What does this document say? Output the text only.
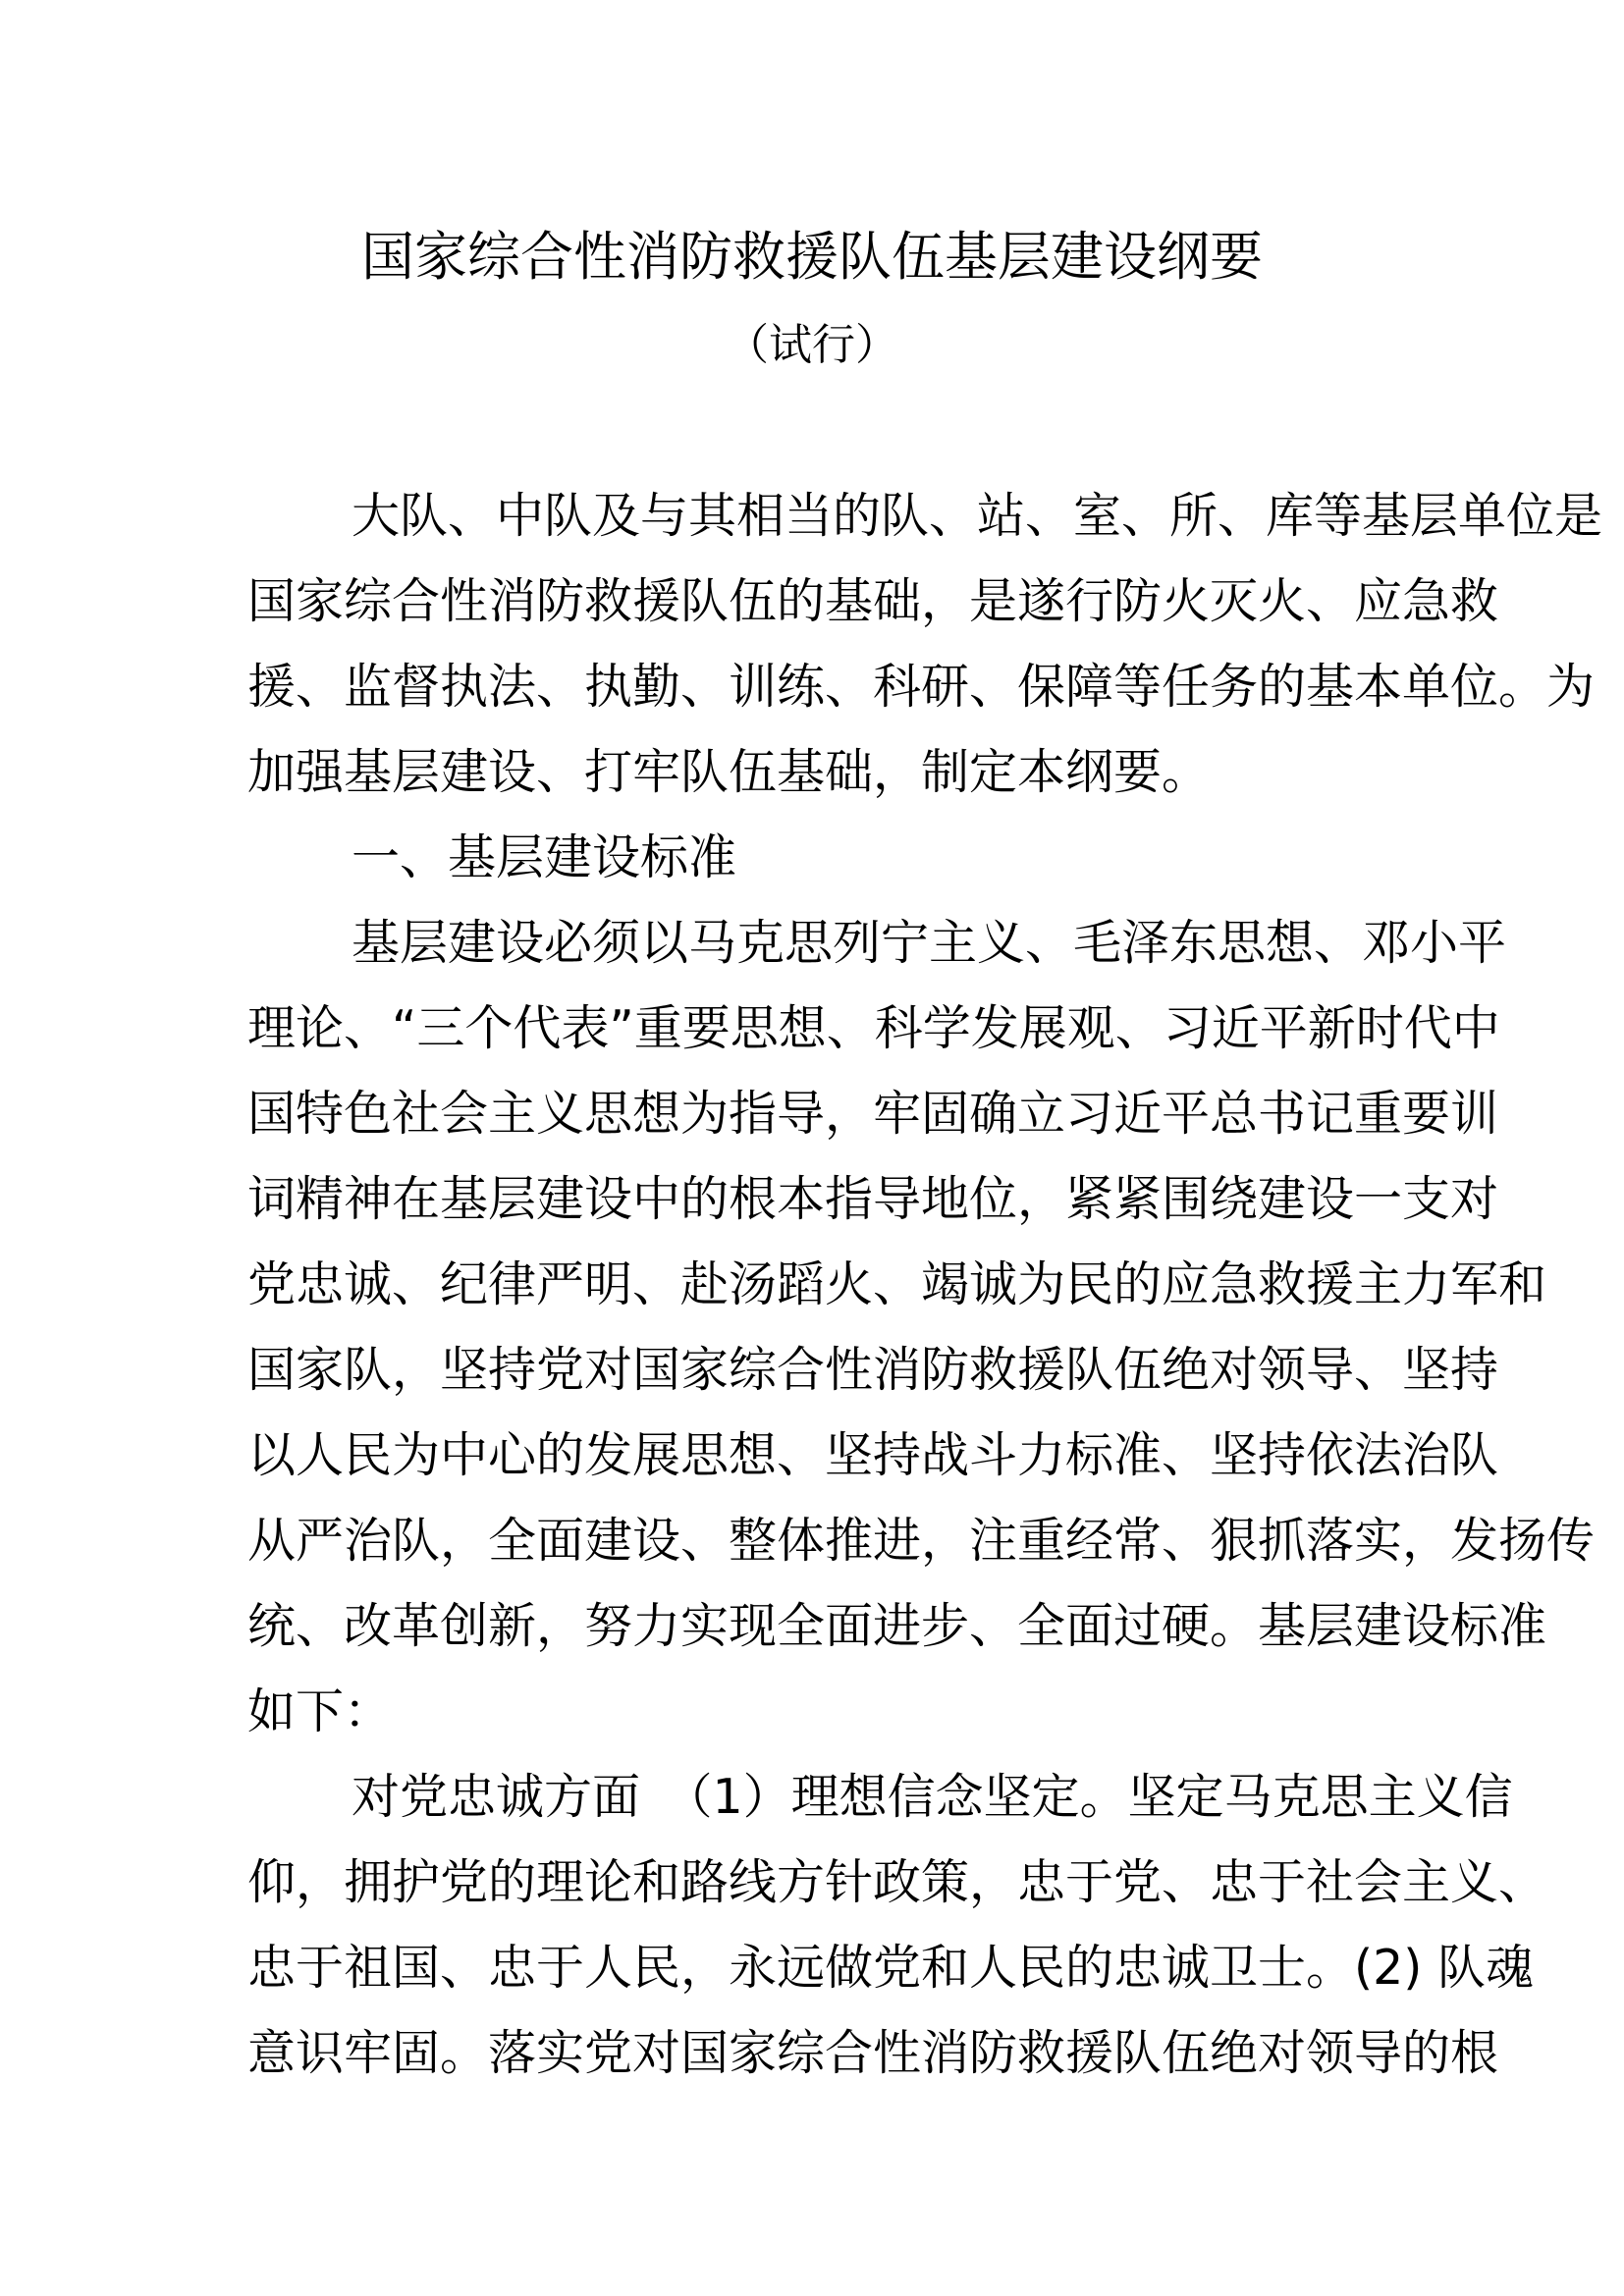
国家综合性消防救援队伍基层建设纲要
（试行）
大队、中队及与其相当的队、站、室、所、库等基层单位是
国家综合性消防救援队伍的基础，是遂行防火灭火、应急救
援、监督执法、执勤、训练、科研、保障等任务的基本单位。为
加强基层建设、打牢队伍基础，制定本纲要。
一、基层建设标准
基层建设必须以马克思列宁主义、毛泽东思想、邓小平
理论、“三个代表”重要思想、科学发展观、习近平新时代中
国特色社会主义思想为指导，牢固确立习近平总书记重要训
词精神在基层建设中的根本指导地位，紧紧围绕建设一支对
党忠诚、纪律严明、赴汤蹈火、竭诚为民的应急救援主力军和
国家队，坚持党对国家综合性消防救援队伍绝对领导、坚持
以人民为中心的发展思想、坚持战斗力标准、坚持依法治队
从严治队，全面建设、整体推进，注重经常、狠抓落实，发扬传
统、改革创新，努力实现全面进步、全面过硬。基层建设标准
如下：
对党忠诚方面　（1）理想信念坚定。坚定马克思主义信
仰，拥护党的理论和路线方针政策，忠于党、忠于社会主义、
忠于祖国、忠于人民，永远做党和人民的忠诚卫士。(2) 队魂
意识牢固。落实党对国家综合性消防救援队伍绝对领导的根
